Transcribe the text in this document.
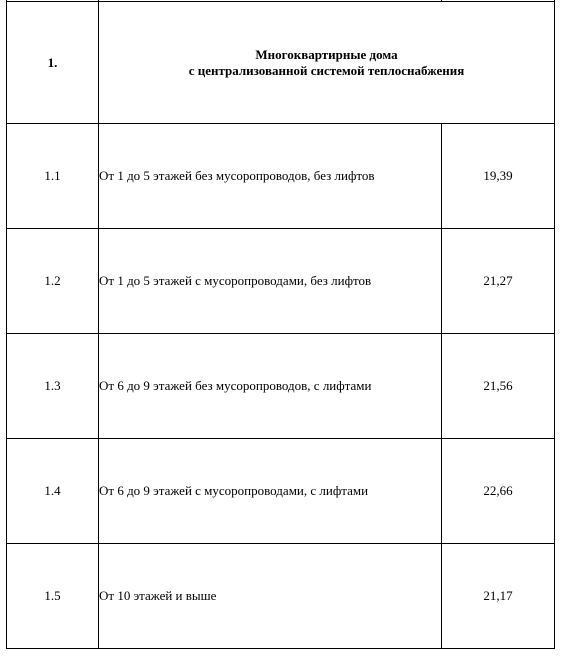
1.	Многоквартирные дома
с централизованной системой теплоснабжения	

1.1	От 1 до 5 этажей без мусоропроводов, без лифтов	19,39
1.2	От 1 до 5 этажей с мусоропроводами, без лифтов	21,27
1.3	От 6 до 9 этажей без мусоропроводов, с лифтами	21,56
1.4	От 6 до 9 этажей с мусоропроводами, с лифтами	22,66
1.5	От 10 этажей и выше	21,17
